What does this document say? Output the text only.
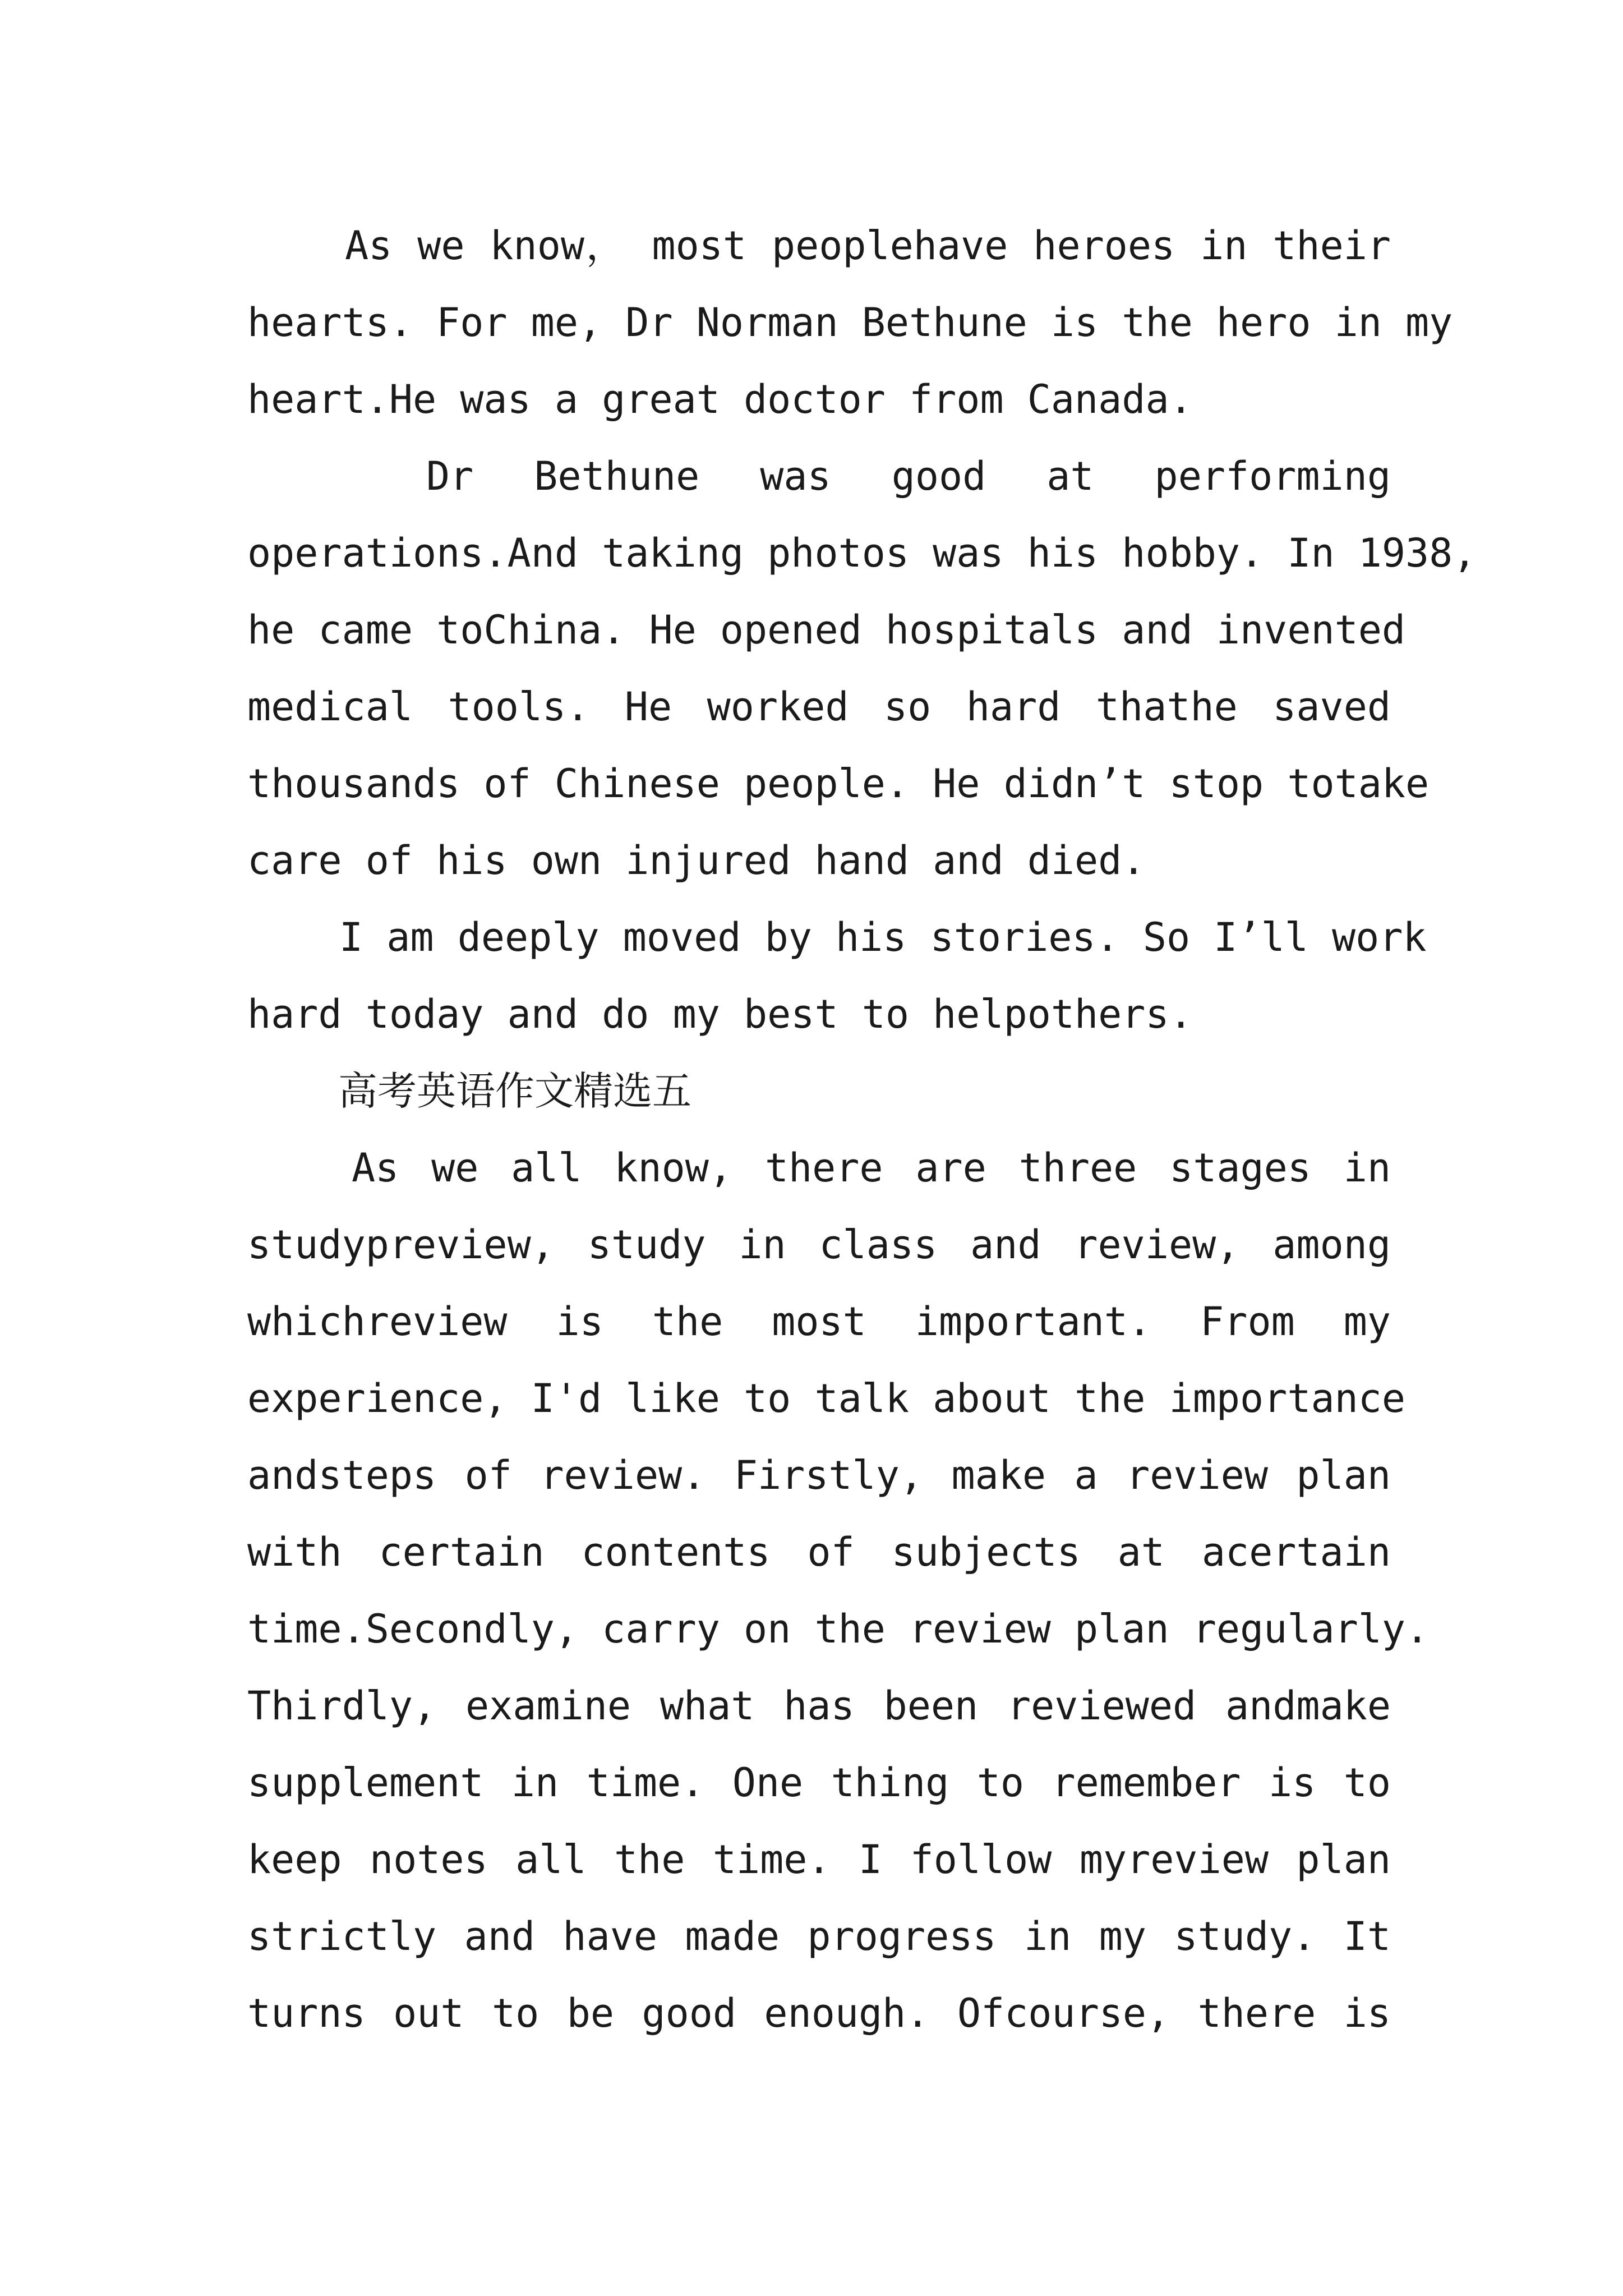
As we know， most peoplehave heroes in their
hearts. For me, Dr Norman Bethune is the hero in my
heart.He was a great doctor from Canada.
Dr Bethune was good at performing
operations.And taking photos was his hobby. In 1938,
he came toChina. He opened hospitals and invented
medical tools. He worked so hard thathe saved
thousands of Chinese people. He didn’t stop totake
care of his own injured hand and died.
I am deeply moved by his stories. So I’ll work
hard today and do my best to helpothers.
高考英语作文精选五
As we all know, there are three stages in
studypreview, study in class and review, among
whichreview is the most important. From my
experience, I'd like to talk about the importance
andsteps of review. Firstly, make a review plan
with certain contents of subjects at acertain
time.Secondly, carry on the review plan regularly.
Thirdly, examine what has been reviewed andmake
supplement in time. One thing to remember is to
keep notes all the time. I follow myreview plan
strictly and have made progress in my study. It
turns out to be good enough. Ofcourse, there is
